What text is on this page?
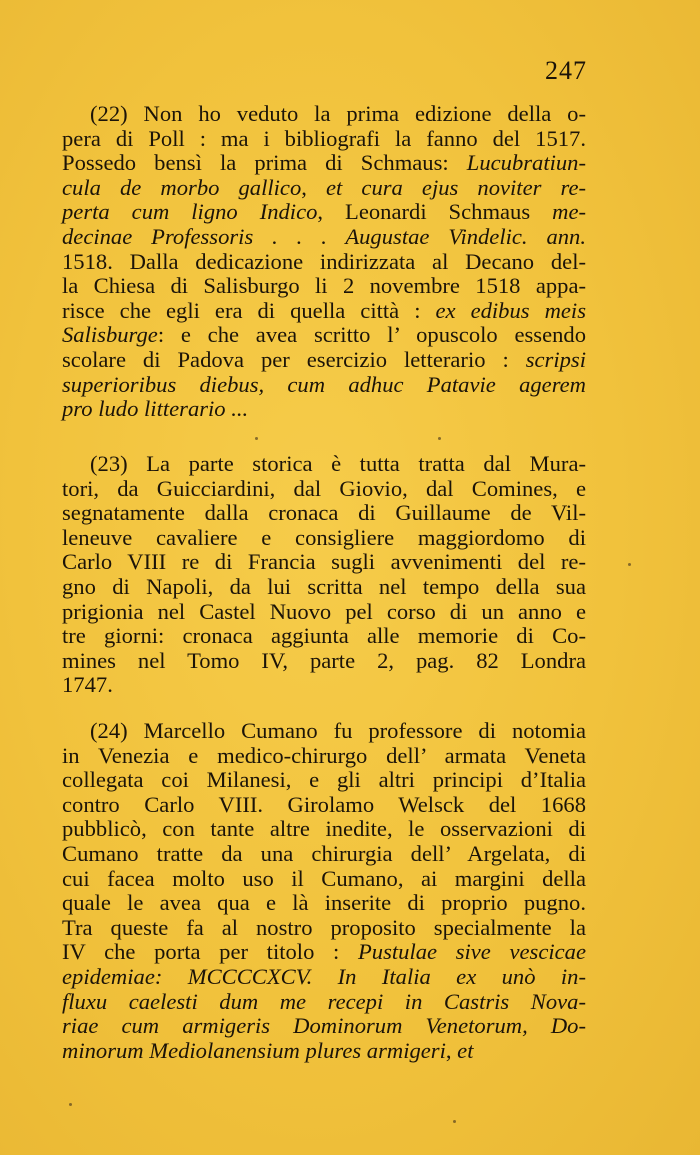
247
(22) Non ho veduto la prima edizione della o-
pera di Poll : ma i bibliografi la fanno del 1517.
Possedo bensì la prima di Schmaus: Lucubratiun-
cula de morbo gallico, et cura ejus noviter re-
perta cum ligno Indico, Leonardi Schmaus me-
decinae Professoris . . . Augustae Vindelic. ann.
1518. Dalla dedicazione indirizzata al Decano del-
la Chiesa di Salisburgo li 2 novembre 1518 appa-
risce che egli era di quella città : ex edibus meis
Salisburge: e che avea scritto l’ opuscolo essendo
scolare di Padova per esercizio letterario : scripsi
superioribus diebus, cum adhuc Patavie agerem
pro ludo litterario ...
(23) La parte storica è tutta tratta dal Mura-
tori, da Guicciardini, dal Giovio, dal Comines, e
segnatamente dalla cronaca di Guillaume de Vil-
leneuve cavaliere e consigliere maggiordomo di
Carlo VIII re di Francia sugli avvenimenti del re-
gno di Napoli, da lui scritta nel tempo della sua
prigionia nel Castel Nuovo pel corso di un anno e
tre giorni: cronaca aggiunta alle memorie di Co-
mines nel Tomo IV, parte 2, pag. 82 Londra
1747.
(24) Marcello Cumano fu professore di notomia
in Venezia e medico-chirurgo dell’ armata Veneta
collegata coi Milanesi, e gli altri principi d’Italia
contro Carlo VIII. Girolamo Welsck del 1668
pubblicò, con tante altre inedite, le osservazioni di
Cumano tratte da una chirurgia dell’ Argelata, di
cui facea molto uso il Cumano, ai margini della
quale le avea qua e là inserite di proprio pugno.
Tra queste fa al nostro proposito specialmente la
IV che porta per titolo : Pustulae sive vescicae
epidemiae: MCCCCXCV. In Italia ex unò in-
fluxu caelesti dum me recepi in Castris Nova-
riae cum armigeris Dominorum Venetorum, Do-
minorum Mediolanensium plures armigeri, et
